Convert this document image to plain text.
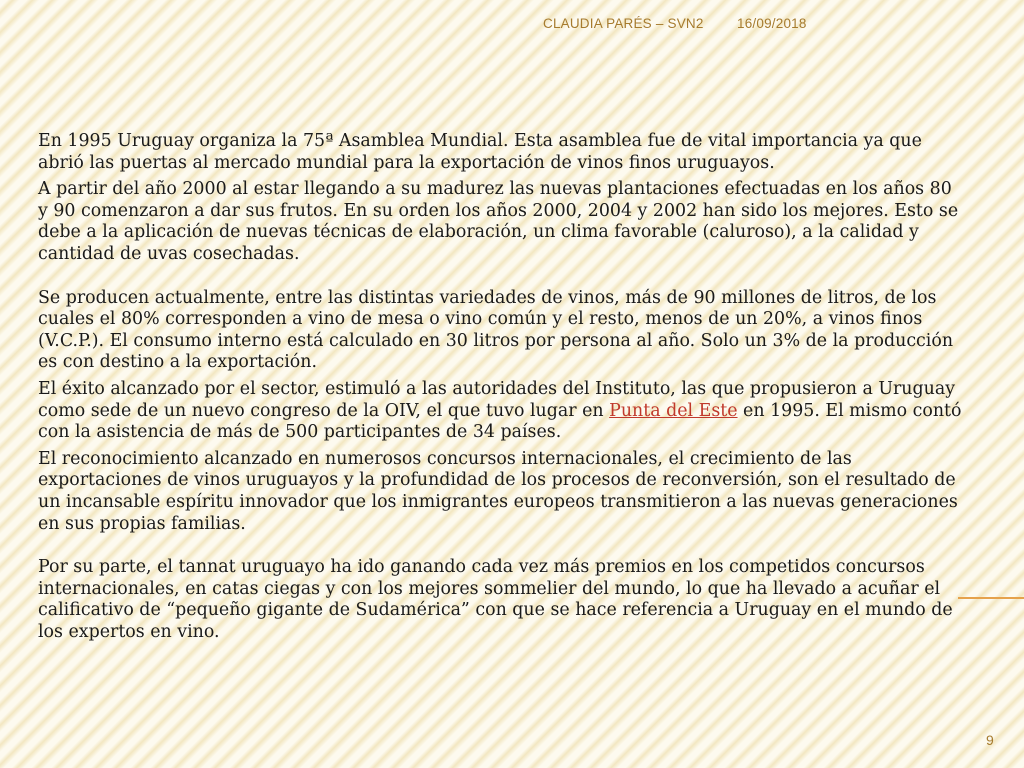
CLAUDIA PARÉS – SVN2 16/09/2018

En 1995 Uruguay organiza la 75ª Asamblea Mundial. Esta asamblea fue de vital importancia ya que abrió las puertas al mercado mundial para la exportación de vinos finos uruguayos.

A partir del año 2000 al estar llegando a su madurez las nuevas plantaciones efectuadas en los años 80 y 90 comenzaron a dar sus frutos. En su orden los años 2000, 2004 y 2002 han sido los mejores. Esto se debe a la aplicación de nuevas técnicas de elaboración, un clima favorable (caluroso), a la calidad y cantidad de uvas cosechadas.

Se producen actualmente, entre las distintas variedades de vinos, más de 90 millones de litros, de los cuales el 80% corresponden a vino de mesa o vino común y el resto, menos de un 20%, a vinos finos (V.C.P.). El consumo interno está calculado en 30 litros por persona al año. Solo un 3% de la producción es con destino a la exportación.

El éxito alcanzado por el sector, estimuló a las autoridades del Instituto, las que propusieron a Uruguay como sede de un nuevo congreso de la OIV, el que tuvo lugar en Punta del Este en 1995. El mismo contó con la asistencia de más de 500 participantes de 34 países.

El reconocimiento alcanzado en numerosos concursos internacionales, el crecimiento de las exportaciones de vinos uruguayos y la profundidad de los procesos de reconversión, son el resultado de un incansable espíritu innovador que los inmigrantes europeos transmitieron a las nuevas generaciones en sus propias familias.

Por su parte, el tannat uruguayo ha ido ganando cada vez más premios en los competidos concursos internacionales, en catas ciegas y con los mejores sommelier del mundo, lo que ha llevado a acuñar el calificativo de “pequeño gigante de Sudamérica” con que se hace referencia a Uruguay en el mundo de los expertos en vino.

9
